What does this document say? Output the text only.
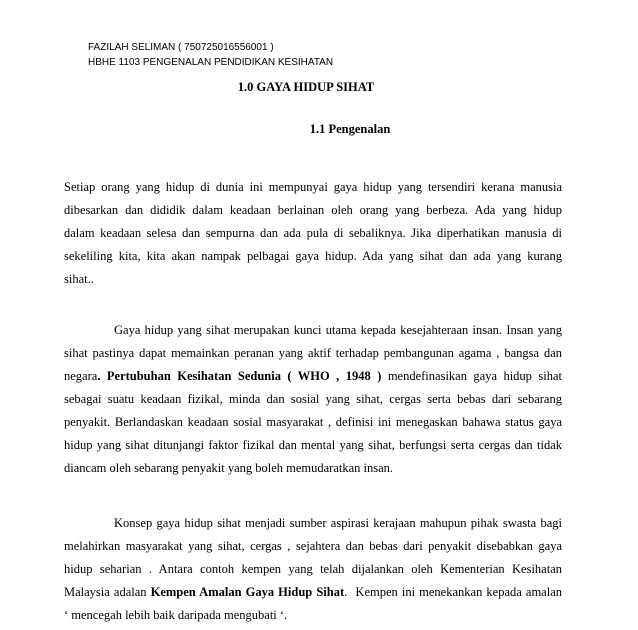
FAZILAH SELIMAN ( 750725016556001 )
HBHE 1103 PENGENALAN PENDIDIKAN KESIHATAN
1.0 GAYA HIDUP SIHAT
1.1 Pengenalan
Setiap orang yang hidup di dunia ini mempunyai gaya hidup yang tersendiri kerana manusia
dibesarkan dan dididik dalam keadaan berlainan oleh orang yang berbeza. Ada yang hidup
dalam keadaan selesa dan sempurna dan ada pula di sebaliknya. Jika diperhatikan manusia di
sekeliling kita, kita akan nampak pelbagai gaya hidup. Ada yang sihat dan ada yang kurang
sihat..
Gaya hidup yang sihat merupakan kunci utama kepada kesejahteraan insan. Insan yang
sihat pastinya dapat memainkan peranan yang aktif terhadap pembangunan agama , bangsa dan
negara. Pertubuhan Kesihatan Sedunia ( WHO , 1948 ) mendefinasikan gaya hidup sihat
sebagai suatu keadaan fizikal, minda dan sosial yang sihat, cergas serta bebas dari sebarang
penyakit. Berlandaskan keadaan sosial masyarakat , definisi ini menegaskan bahawa status gaya
hidup yang sihat ditunjangi faktor fizikal dan mental yang sihat, berfungsi serta cergas dan tidak
diancam oleh sebarang penyakit yang boleh memudaratkan insan.
Konsep gaya hidup sihat menjadi sumber aspirasi kerajaan mahupun pihak swasta bagi
melahirkan masyarakat yang sihat, cergas , sejahtera dan bebas dari penyakit disebabkan gaya
hidup seharian . Antara contoh kempen yang telah dijalankan oleh Kementerian Kesihatan
Malaysia adalan Kempen Amalan Gaya Hidup Sihat.  Kempen ini menekankan kepada amalan
‘ mencegah lebih baik daripada mengubati ‘.
